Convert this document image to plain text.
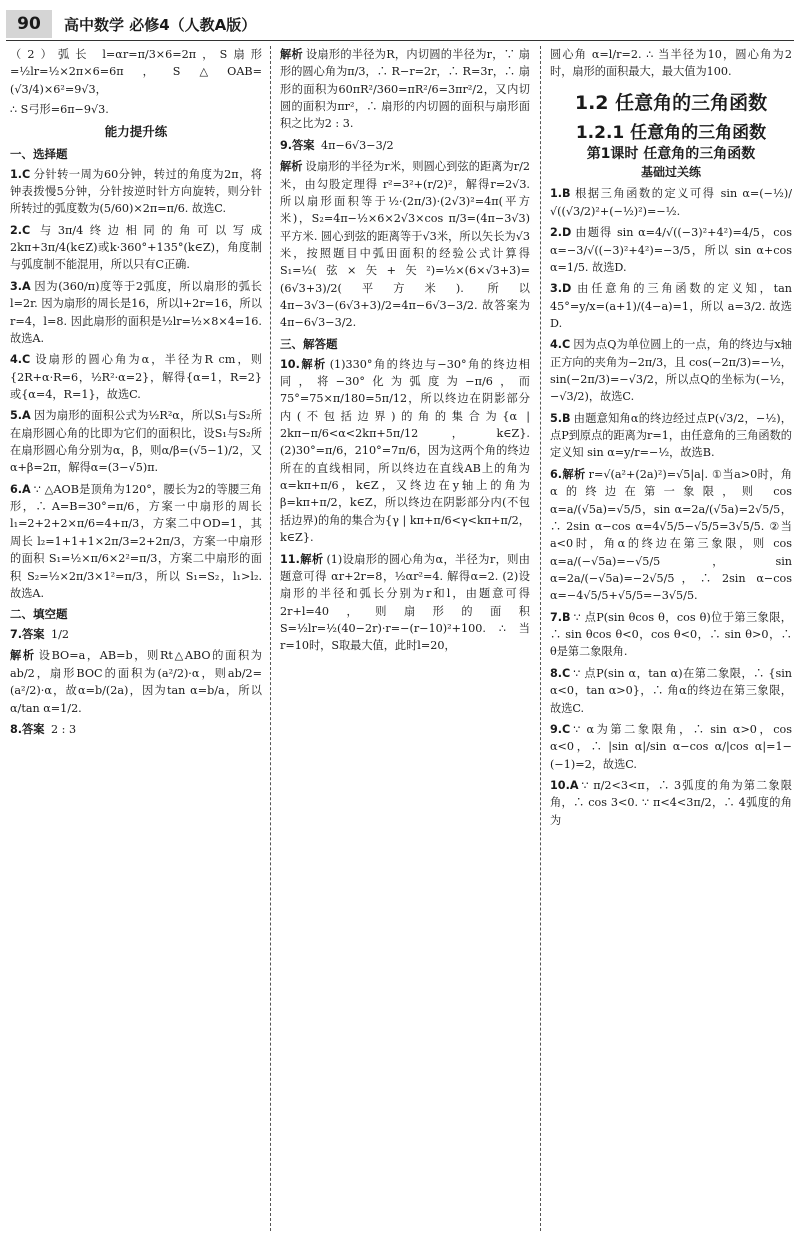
90	高中数学 必修4（人教A版）

（2）弧长 l=αr=π/3×6=2π，S扇形=½lr=½×2π×6=6π，S△OAB=(√3/4)×6²=9√3，

∴ S弓形=6π−9√3.

能力提升练
一、选择题

1.C 分针转一周为60分钟，转过的角度为2π，将钟表拨慢5分钟，分针按逆时针方向旋转，则分针所转过的弧度数为(5/60)×2π=π/6. 故选C.

2.C 与3π/4终边相同的角可以写成2kπ+3π/4(k∈Z)或k·360°+135°(k∈Z)，角度制与弧度制不能混用，所以只有C正确.

3.A 因为(360/π)度等于2弧度，所以扇形的弧长l=2r. 因为扇形的周长是16，所以l+2r=16，所以r=4，l=8. 因此扇形的面积是½lr=½×8×4=16. 故选A.

4.C 设扇形的圆心角为α，半径为R cm，则{2R+α·R=6，½R²·α=2}，解得{α=1，R=2}或{α=4，R=1}，故选C.

5.A 因为扇形的面积公式为½R²α，所以S₁与S₂所在扇形圆心角的比即为它们的面积比，设S₁与S₂所在扇形圆心角分别为α，β，则α/β=(√5−1)/2，又α+β=2π，解得α=(3−√5)π.

6.A ∵ △AOB是顶角为120°，腰长为2的等腰三角形，∴ A=B=30°=π/6，方案一中扇形的周长 l₁=2+2+2×π/6=4+π/3，方案二中OD=1，其周长 l₂=1+1+1×2π/3=2+2π/3，方案一中扇形的面积 S₁=½×π/6×2²=π/3，方案二中扇形的面积 S₂=½×2π/3×1²=π/3，所以 S₁=S₂，l₁>l₂. 故选A.

二、填空题

7.答案 1/2

解析 设BO=a，AB=b，则Rt△ABO的面积为ab/2，扇形BOC的面积为(a²/2)·α，则ab/2=(a²/2)·α，故α=b/(2a)，因为tan α=b/a，所以α/tan α=1/2.

8.答案 2 : 3

解析 设扇形的半径为R，内切圆的半径为r，∵ 扇形的圆心角为π/3，∴ R−r=2r，∴ R=3r，∴ 扇形的面积为60πR²/360=πR²/6=3πr²/2，又内切圆的面积为πr²，∴ 扇形的内切圆的面积与扇形面积之比为2 : 3.

9.答案 4π−6√3−3/2

解析 设扇形的半径为r米，则圆心到弦的距离为r/2米，由勾股定理得 r²=3²+(r/2)²，解得r=2√3. 所以扇形面积等于½·(2π/3)·(2√3)²=4π(平方米)，S₂=4π−½×6×2√3×cos π/3=(4π−3√3)平方米. 圆心到弦的距离等于√3米，所以矢长为√3米，按照题目中弧田面积的经验公式计算得 S₁=½(弦×矢+矢²)=½×(6×√3+3)=(6√3+3)/2(平方米). 所以4π−3√3−(6√3+3)/2=4π−6√3−3/2. 故答案为4π−6√3−3/2.

三、解答题

10.解析 (1)330°角的终边与−30°角的终边相同，将−30°化为弧度为−π/6，而75°=75×π/180=5π/12，所以终边在阴影部分内(不包括边界)的角的集合为{α | 2kπ−π/6<α<2kπ+5π/12，k∈Z}. (2)30°=π/6，210°=7π/6，因为这两个角的终边所在的直线相同，所以终边在直线AB上的角为α=kπ+π/6，k∈Z，又终边在y轴上的角为β=kπ+π/2，k∈Z，所以终边在阴影部分内(不包括边界)的角的集合为{γ | kπ+π/6<γ<kπ+π/2，k∈Z}.

11.解析 (1)设扇形的圆心角为α，半径为r，则由题意可得 αr+2r=8，½αr²=4. 解得α=2. (2)设扇形的半径和弧长分别为r和l，由题意可得2r+l=40，则扇形的面积 S=½lr=½(40−2r)·r=−(r−10)²+100. ∴ 当r=10时，S取最大值，此时l=20，

圆心角 α=l/r=2. ∴ 当半径为10，圆心角为2时，扇形的面积最大，最大值为100.

1.2 任意角的三角函数
1.2.1 任意角的三角函数
第1课时 任意角的三角函数
基础过关练

1.B 根据三角函数的定义可得 sin α=(−½)/√((√3/2)²+(−½)²)=−½.

2.D 由题得 sin α=4/√((−3)²+4²)=4/5，cos α=−3/√((−3)²+4²)=−3/5，所以 sin α+cos α=1/5. 故选D.

3.D 由任意角的三角函数的定义知，tan 45°=y/x=(a+1)/(4−a)=1，所以 a=3/2. 故选D.

4.C 因为点Q为单位圆上的一点，角的终边与x轴正方向的夹角为−2π/3，且 cos(−2π/3)=−½，sin(−2π/3)=−√3/2，所以点Q的坐标为(−½，−√3/2)，故选C.

5.B 由题意知角α的终边经过点P(√3/2，−½)，点P到原点的距离为r=1，由任意角的三角函数的定义知 sin α=y/r=−½，故选B.

6.解析 r=√(a²+(2a)²)=√5|a|. ①当a>0时，角α的终边在第一象限，则 cos α=a/(√5a)=√5/5，sin α=2a/(√5a)=2√5/5，∴ 2sin α−cos α=4√5/5−√5/5=3√5/5. ②当a<0时，角α的终边在第三象限，则 cos α=a/(−√5a)=−√5/5，sin α=2a/(−√5a)=−2√5/5，∴ 2sin α−cos α=−4√5/5+√5/5=−3√5/5.

7.B ∵ 点P(sin θcos θ，cos θ)位于第三象限，∴ sin θcos θ<0，cos θ<0，∴ sin θ>0，∴ θ是第二象限角.

8.C ∵ 点P(sin α，tan α)在第二象限，∴ {sin α<0，tan α>0}，∴ 角α的终边在第三象限，故选C.

9.C ∵ α为第二象限角，∴ sin α>0，cos α<0，∴ |sin α|/sin α−cos α/|cos α|=1−(−1)=2，故选C.

10.A ∵ π/2<3<π，∴ 3弧度的角为第二象限角，∴ cos 3<0. ∵ π<4<3π/2，∴ 4弧度的角为
